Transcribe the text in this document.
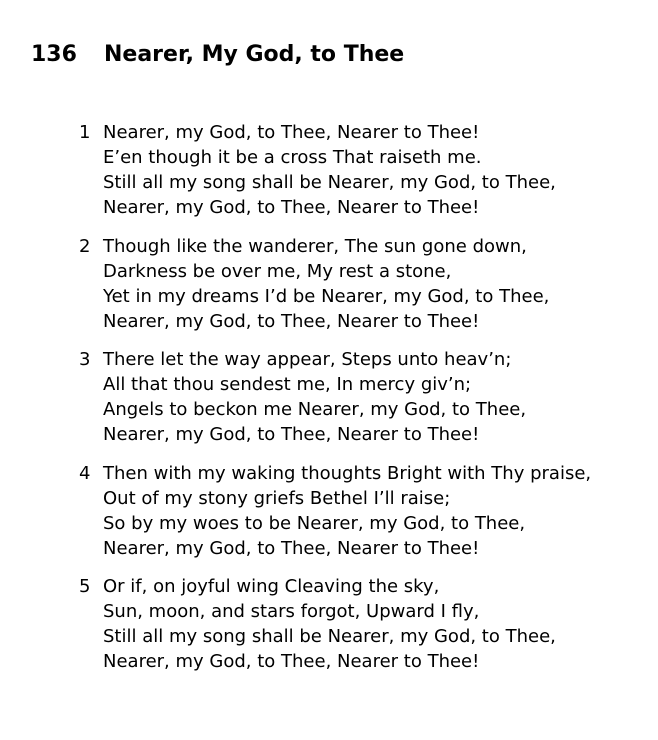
136 Nearer, My God, to Thee
1 Nearer, my God, to Thee, Nearer to Thee!
E’en though it be a cross That raiseth me.
Still all my song shall be Nearer, my God, to Thee,
Nearer, my God, to Thee, Nearer to Thee!
2 Though like the wanderer, The sun gone down,
Darkness be over me, My rest a stone,
Yet in my dreams I’d be Nearer, my God, to Thee,
Nearer, my God, to Thee, Nearer to Thee!
3 There let the way appear, Steps unto heav’n;
All that thou sendest me, In mercy giv’n;
Angels to beckon me Nearer, my God, to Thee,
Nearer, my God, to Thee, Nearer to Thee!
4 Then with my waking thoughts Bright with Thy praise,
Out of my stony griefs Bethel I’ll raise;
So by my woes to be Nearer, my God, to Thee,
Nearer, my God, to Thee, Nearer to Thee!
5 Or if, on joyful wing Cleaving the sky,
Sun, moon, and stars forgot, Upward I fly,
Still all my song shall be Nearer, my God, to Thee,
Nearer, my God, to Thee, Nearer to Thee!
